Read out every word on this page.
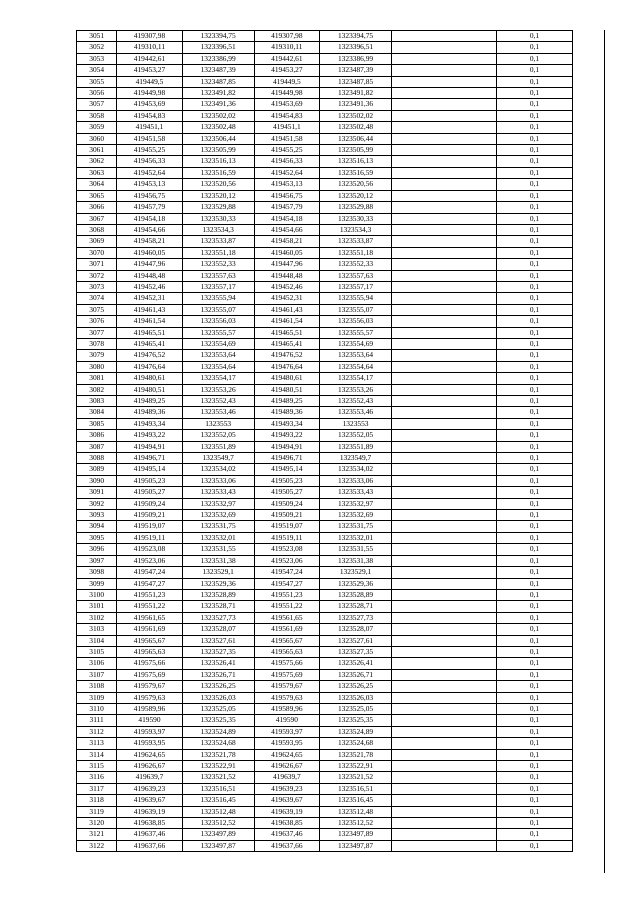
3051	419307,98	1323394,75	419307,98	1323394,75		0,1	
3052	419310,11	1323396,51	419310,11	1323396,51		0,1	
3053	419442,61	1323386,99	419442,61	1323386,99		0,1	
3054	419453,27	1323487,39	419453,27	1323487,39		0,1	
3055	419449,5	1323487,85	419449,5	1323487,85		0,1	
3056	419449,98	1323491,82	419449,98	1323491,82		0,1	
3057	419453,69	1323491,36	419453,69	1323491,36		0,1	
3058	419454,83	1323502,02	419454,83	1323502,02		0,1	
3059	419451,1	1323502,48	419451,1	1323502,48		0,1	
3060	419451,58	1323506,44	419451,58	1323506,44		0,1	
3061	419455,25	1323505,99	419455,25	1323505,99		0,1	
3062	419456,33	1323516,13	419456,33	1323516,13		0,1	
3063	419452,64	1323516,59	419452,64	1323516,59		0,1	
3064	419453,13	1323520,56	419453,13	1323520,56		0,1	
3065	419456,75	1323520,12	419456,75	1323520,12		0,1	
3066	419457,79	1323529,88	419457,79	1323529,88		0,1	
3067	419454,18	1323530,33	419454,18	1323530,33		0,1	
3068	419454,66	1323534,3	419454,66	1323534,3		0,1	
3069	419458,21	1323533,87	419458,21	1323533,87		0,1	
3070	419460,05	1323551,18	419460,05	1323551,18		0,1	
3071	419447,96	1323552,33	419447,96	1323552,33		0,1	
3072	419448,48	1323557,63	419448,48	1323557,63		0,1	
3073	419452,46	1323557,17	419452,46	1323557,17		0,1	
3074	419452,31	1323555,94	419452,31	1323555,94		0,1	
3075	419461,43	1323555,07	419461,43	1323555,07		0,1	
3076	419461,54	1323556,03	419461,54	1323556,03		0,1	
3077	419465,51	1323555,57	419465,51	1323555,57		0,1	
3078	419465,41	1323554,69	419465,41	1323554,69		0,1	
3079	419476,52	1323553,64	419476,52	1323553,64		0,1	
3080	419476,64	1323554,64	419476,64	1323554,64		0,1	
3081	419480,61	1323554,17	419480,61	1323554,17		0,1	
3082	419480,51	1323553,26	419480,51	1323553,26		0,1	
3083	419489,25	1323552,43	419489,25	1323552,43		0,1	
3084	419489,36	1323553,46	419489,36	1323553,46		0,1	
3085	419493,34	1323553	419493,34	1323553		0,1	
3086	419493,22	1323552,05	419493,22	1323552,05		0,1	
3087	419494,91	1323551,89	419494,91	1323551,89		0,1	
3088	419496,71	1323549,7	419496,71	1323549,7		0,1	
3089	419495,14	1323534,02	419495,14	1323534,02		0,1	
3090	419505,23	1323533,06	419505,23	1323533,06		0,1	
3091	419505,27	1323533,43	419505,27	1323533,43		0,1	
3092	419509,24	1323532,97	419509,24	1323532,97		0,1	
3093	419509,21	1323532,69	419509,21	1323532,69		0,1	
3094	419519,07	1323531,75	419519,07	1323531,75		0,1	
3095	419519,11	1323532,01	419519,11	1323532,01		0,1	
3096	419523,08	1323531,55	419523,08	1323531,55		0,1	
3097	419523,06	1323531,38	419523,06	1323531,38		0,1	
3098	419547,24	1323529,1	419547,24	1323529,1		0,1	
3099	419547,27	1323529,36	419547,27	1323529,36		0,1	
3100	419551,23	1323528,89	419551,23	1323528,89		0,1	
3101	419551,22	1323528,71	419551,22	1323528,71		0,1	
3102	419561,65	1323527,73	419561,65	1323527,73		0,1	
3103	419561,69	1323528,07	419561,69	1323528,07		0,1	
3104	419565,67	1323527,61	419565,67	1323527,61		0,1	
3105	419565,63	1323527,35	419565,63	1323527,35		0,1	
3106	419575,66	1323526,41	419575,66	1323526,41		0,1	
3107	419575,69	1323526,71	419575,69	1323526,71		0,1	
3108	419579,67	1323526,25	419579,67	1323526,25		0,1	
3109	419579,63	1323526,03	419579,63	1323526,03		0,1	
3110	419589,96	1323525,05	419589,96	1323525,05		0,1	
3111	419590	1323525,35	419590	1323525,35		0,1	
3112	419593,97	1323524,89	419593,97	1323524,89		0,1	
3113	419593,95	1323524,68	419593,95	1323524,68		0,1	
3114	419624,65	1323521,78	419624,65	1323521,78		0,1	
3115	419626,67	1323522,91	419626,67	1323522,91		0,1	
3116	419639,7	1323521,52	419639,7	1323521,52		0,1	
3117	419639,23	1323516,51	419639,23	1323516,51		0,1	
3118	419639,67	1323516,45	419639,67	1323516,45		0,1	
3119	419639,19	1323512,48	419639,19	1323512,48		0,1	
3120	419638,85	1323512,52	419638,85	1323512,52		0,1	
3121	419637,46	1323497,89	419637,46	1323497,89		0,1	
3122	419637,66	1323497,87	419637,66	1323497,87		0,1	
